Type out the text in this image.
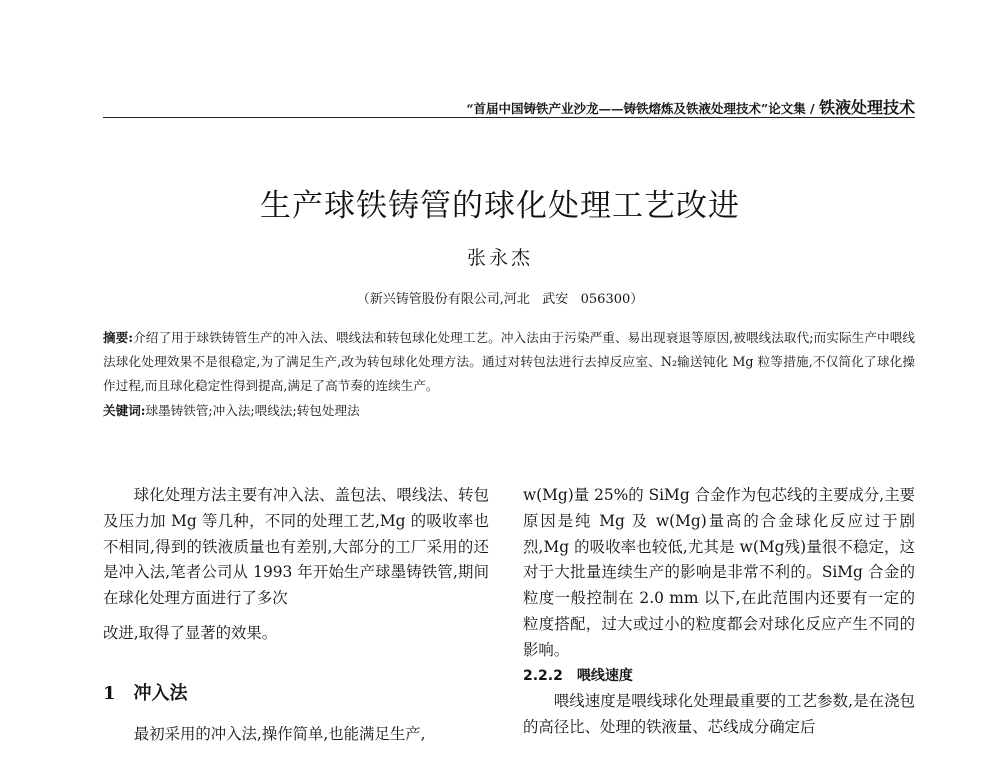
“首届中国铸铁产业沙龙——铸铁熔炼及铁液处理技术”论文集 / 铁液处理技术
生产球铁铸管的球化处理工艺改进
张永杰
（新兴铸管股份有限公司,河北   武安   056300）
摘要:介绍了用于球铁铸管生产的冲入法、喂线法和转包球化处理工艺。冲入法由于污染严重、易出现衰退等原因,被喂线法取代;而实际生产中喂线法球化处理效果不是很稳定,为了满足生产,改为转包球化处理方法。通过对转包法进行去掉反应室、N₂输送钝化 Mg 粒等措施,不仅简化了球化操作过程,而且球化稳定性得到提高,满足了高节奏的连续生产。
关键词:球墨铸铁管;冲入法;喂线法;转包处理法
球化处理方法主要有冲入法、盖包法、喂线法、转包及压力加 Mg 等几种，不同的处理工艺,Mg 的吸收率也不相同,得到的铁液质量也有差别,大部分的工厂采用的还是冲入法,笔者公司从 1993 年开始生产球墨铸铁管,期间在球化处理方面进行了多次
改进,取得了显著的效果。
1 冲入法
最初采用的冲入法,操作简单,也能满足生产,
w(Mg)量 25%的 SiMg 合金作为包芯线的主要成分,主要原因是纯 Mg 及 w(Mg)量高的合金球化反应过于剧烈,Mg 的吸收率也较低,尤其是 w(Mg残)量很不稳定，这对于大批量连续生产的影响是非常不利的。SiMg 合金的粒度一般控制在 2.0 mm 以下,在此范围内还要有一定的粒度搭配，过大或过小的粒度都会对球化反应产生不同的影响。
2.2.2 喂线速度
喂线速度是喂线球化处理最重要的工艺参数,是在浇包的高径比、处理的铁液量、芯线成分确定后
